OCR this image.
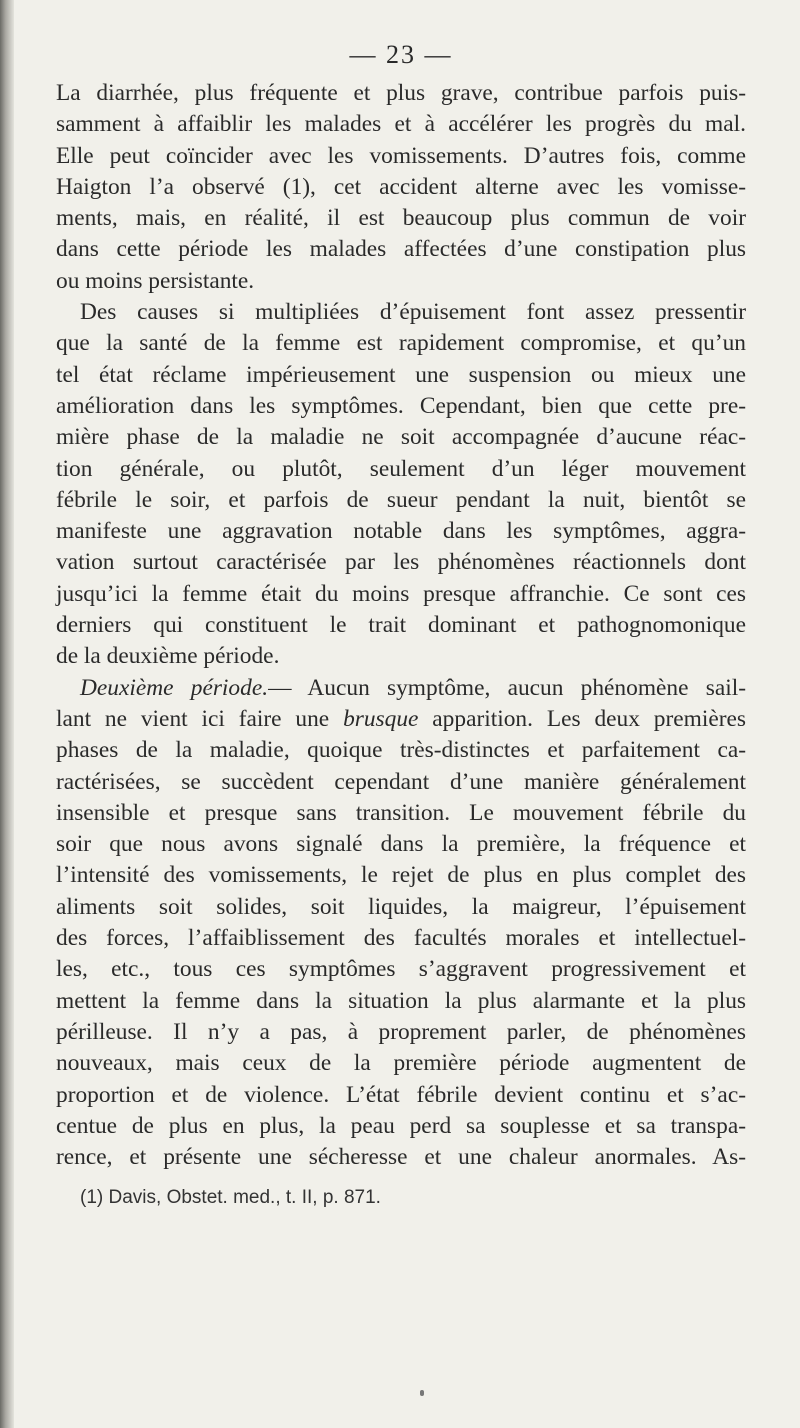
— 23 —

La diarrhée, plus fréquente et plus grave, contribue parfois puis-
samment à affaiblir les malades et à accélérer les progrès du mal.
Elle peut coïncider avec les vomissements. D’autres fois, comme
Haigton l’a observé (1), cet accident alterne avec les vomisse-
ments, mais, en réalité, il est beaucoup plus commun de voir
dans cette période les malades affectées d’une constipation plus
ou moins persistante.

Des causes si multipliées d’épuisement font assez pressentir
que la santé de la femme est rapidement compromise, et qu’un
tel état réclame impérieusement une suspension ou mieux une
amélioration dans les symptômes. Cependant, bien que cette pre-
mière phase de la maladie ne soit accompagnée d’aucune réac-
tion générale, ou plutôt, seulement d’un léger mouvement
fébrile le soir, et parfois de sueur pendant la nuit, bientôt se
manifeste une aggravation notable dans les symptômes, aggra-
vation surtout caractérisée par les phénomènes réactionnels dont
jusqu’ici la femme était du moins presque affranchie. Ce sont ces
derniers qui constituent le trait dominant et pathognomonique
de la deuxième période.

Deuxième période.— Aucun symptôme, aucun phénomène sail-
lant ne vient ici faire une brusque apparition. Les deux premières
phases de la maladie, quoique très-distinctes et parfaitement ca-
ractérisées, se succèdent cependant d’une manière généralement
insensible et presque sans transition. Le mouvement fébrile du
soir que nous avons signalé dans la première, la fréquence et
l’intensité des vomissements, le rejet de plus en plus complet des
aliments soit solides, soit liquides, la maigreur, l’épuisement
des forces, l’affaiblissement des facultés morales et intellectuel-
les, etc., tous ces symptômes s’aggravent progressivement et
mettent la femme dans la situation la plus alarmante et la plus
périlleuse. Il n’y a pas, à proprement parler, de phénomènes
nouveaux, mais ceux de la première période augmentent de
proportion et de violence. L’état fébrile devient continu et s’ac-
centue de plus en plus, la peau perd sa souplesse et sa transpa-
rence, et présente une sécheresse et une chaleur anormales. As-

(1) Davis, Obstet. med., t. II, p. 871.
